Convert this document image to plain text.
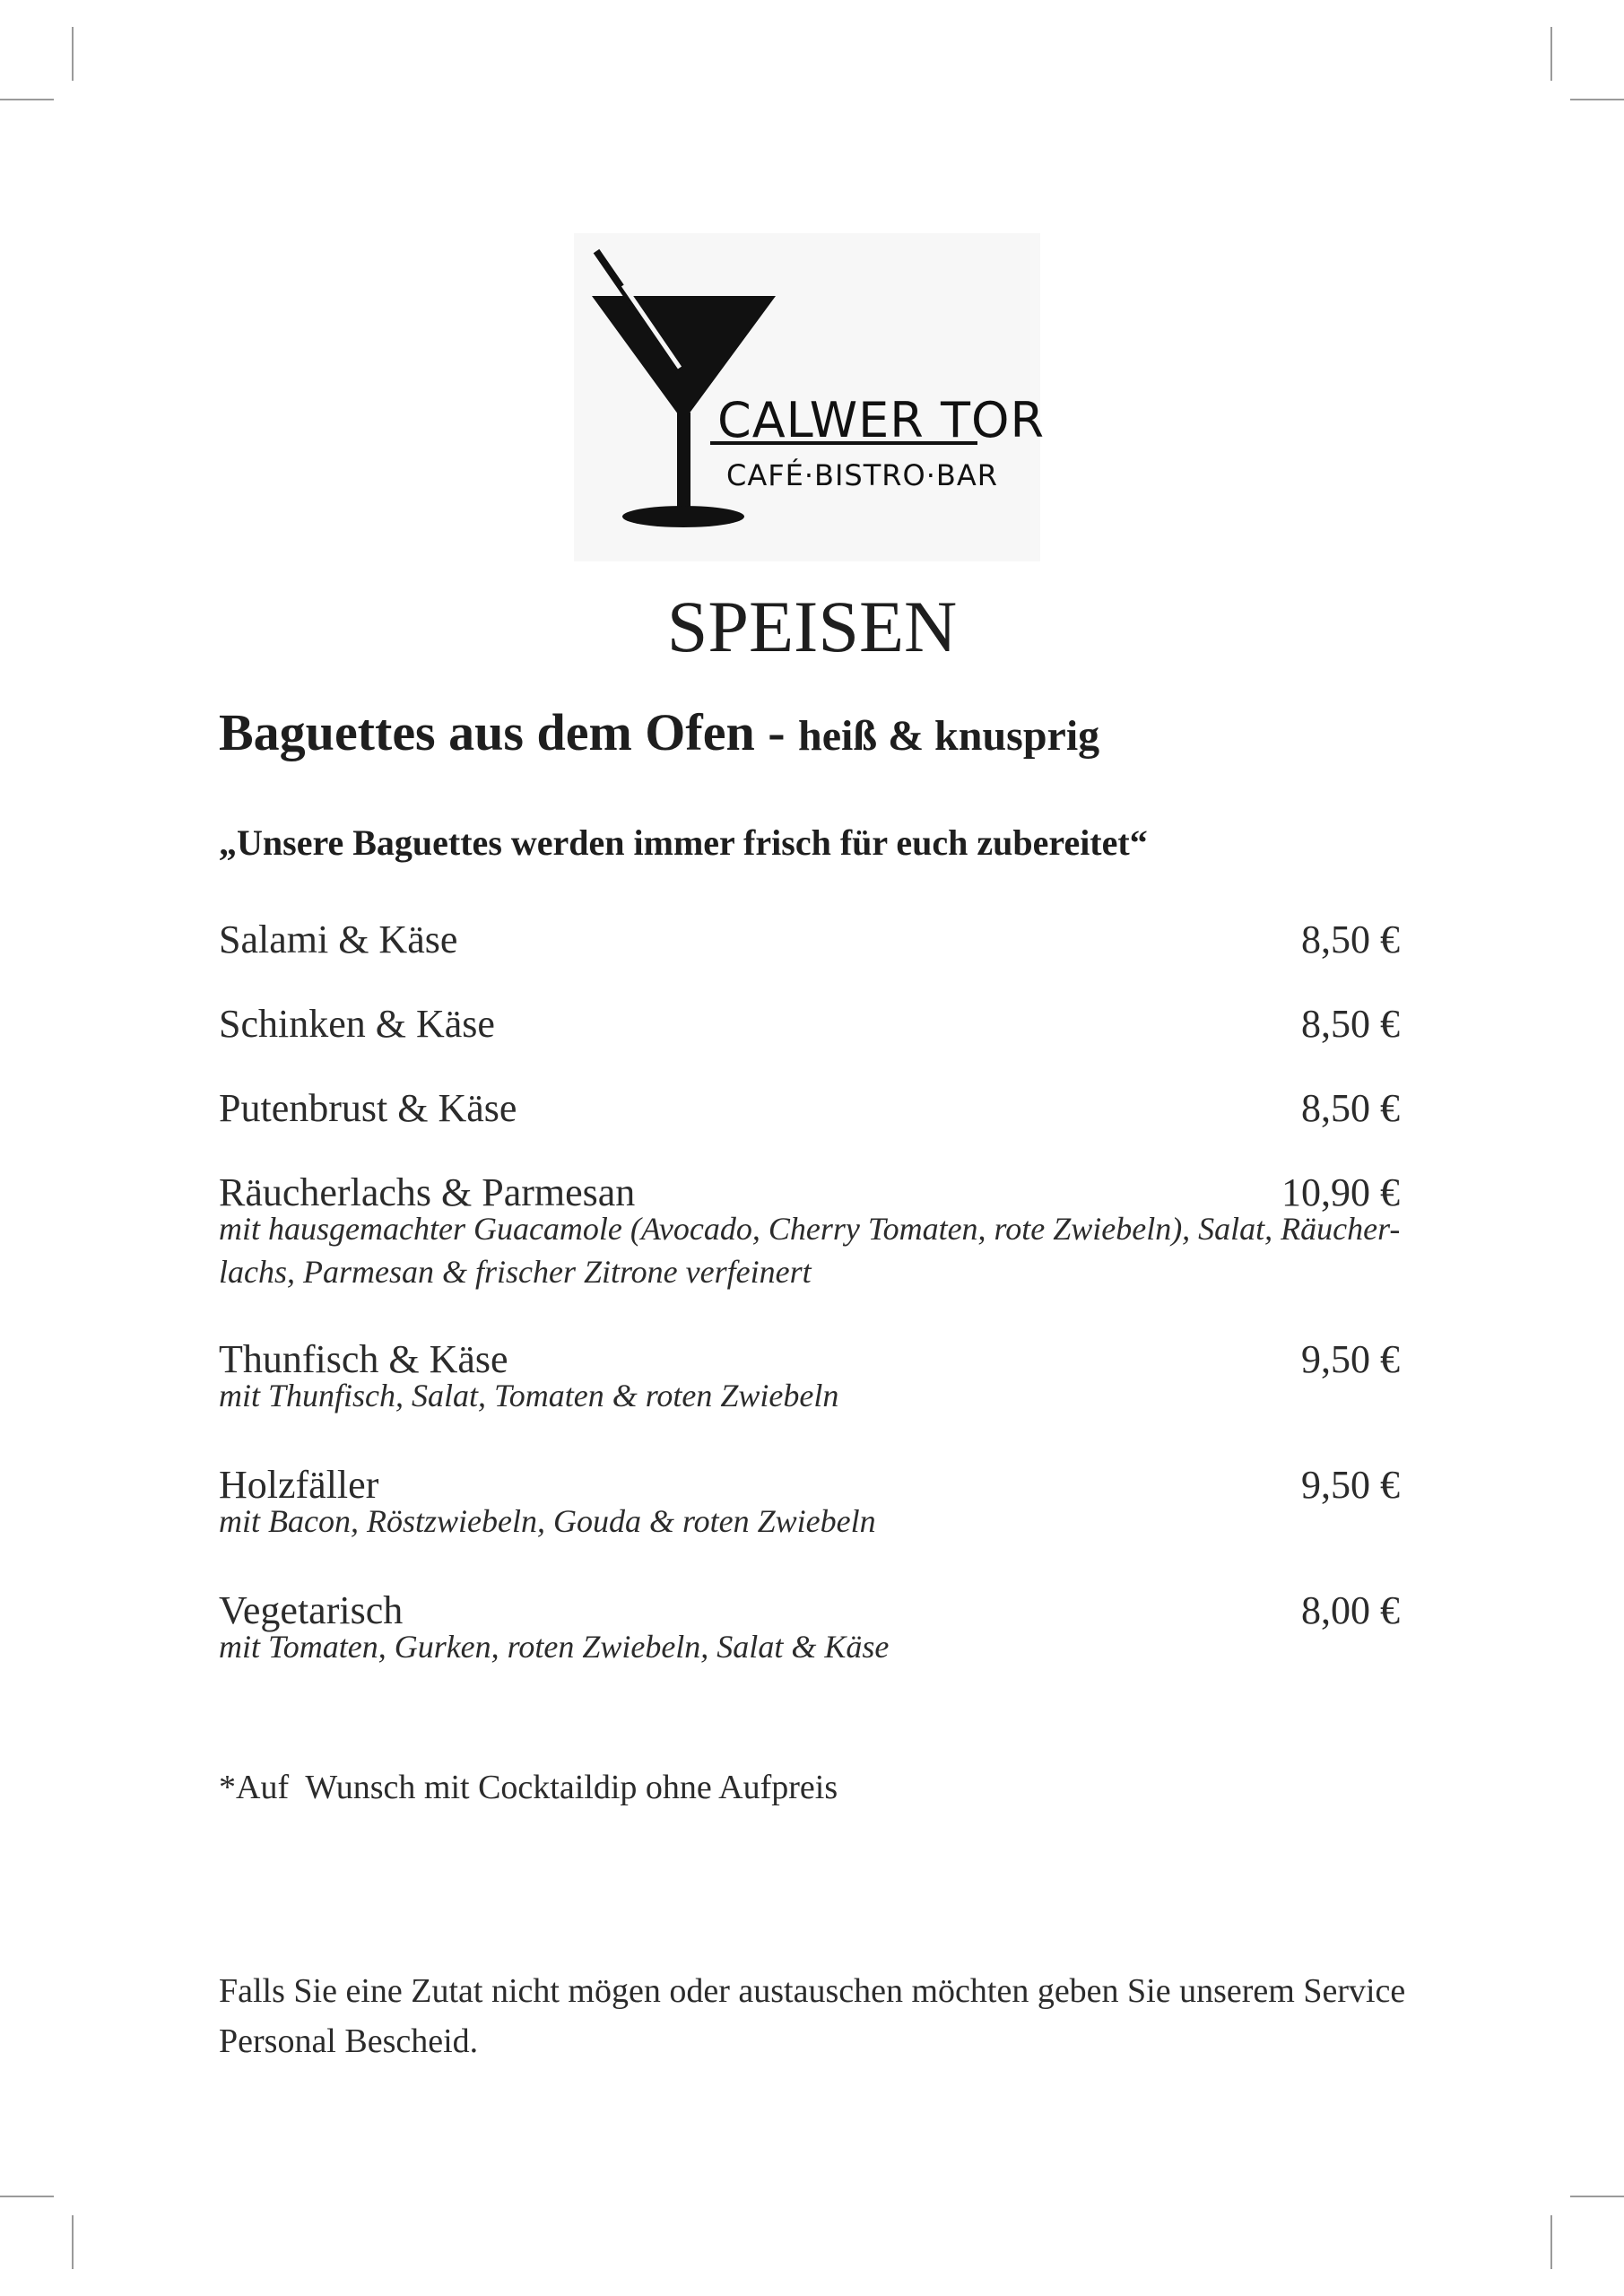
CALWER TOR
CAFÉ·BISTRO·BAR
SPEISEN
Baguettes aus dem Ofen - heiß & knusprig
„Unsere Baguettes werden immer frisch für euch zubereitet“
Salami & Käse	8,50 €
Schinken & Käse	8,50 €
Putenbrust & Käse	8,50 €
Räucherlachs & Parmesan	10,90 €
mit hausgemachter Guacamole (Avocado, Cherry Tomaten, rote Zwiebeln), Salat, Räucher-lachs, Parmesan & frischer Zitrone verfeinert
Thunfisch & Käse	9,50 €
mit Thunfisch, Salat, Tomaten & roten Zwiebeln
Holzfäller	9,50 €
mit Bacon, Röstzwiebeln, Gouda & roten Zwiebeln
Vegetarisch	8,00 €
mit Tomaten, Gurken, roten Zwiebeln, Salat & Käse
*Auf  Wunsch mit Cocktaildip ohne Aufpreis
Falls Sie eine Zutat nicht mögen oder austauschen möchten geben Sie unserem Service Personal Bescheid.
